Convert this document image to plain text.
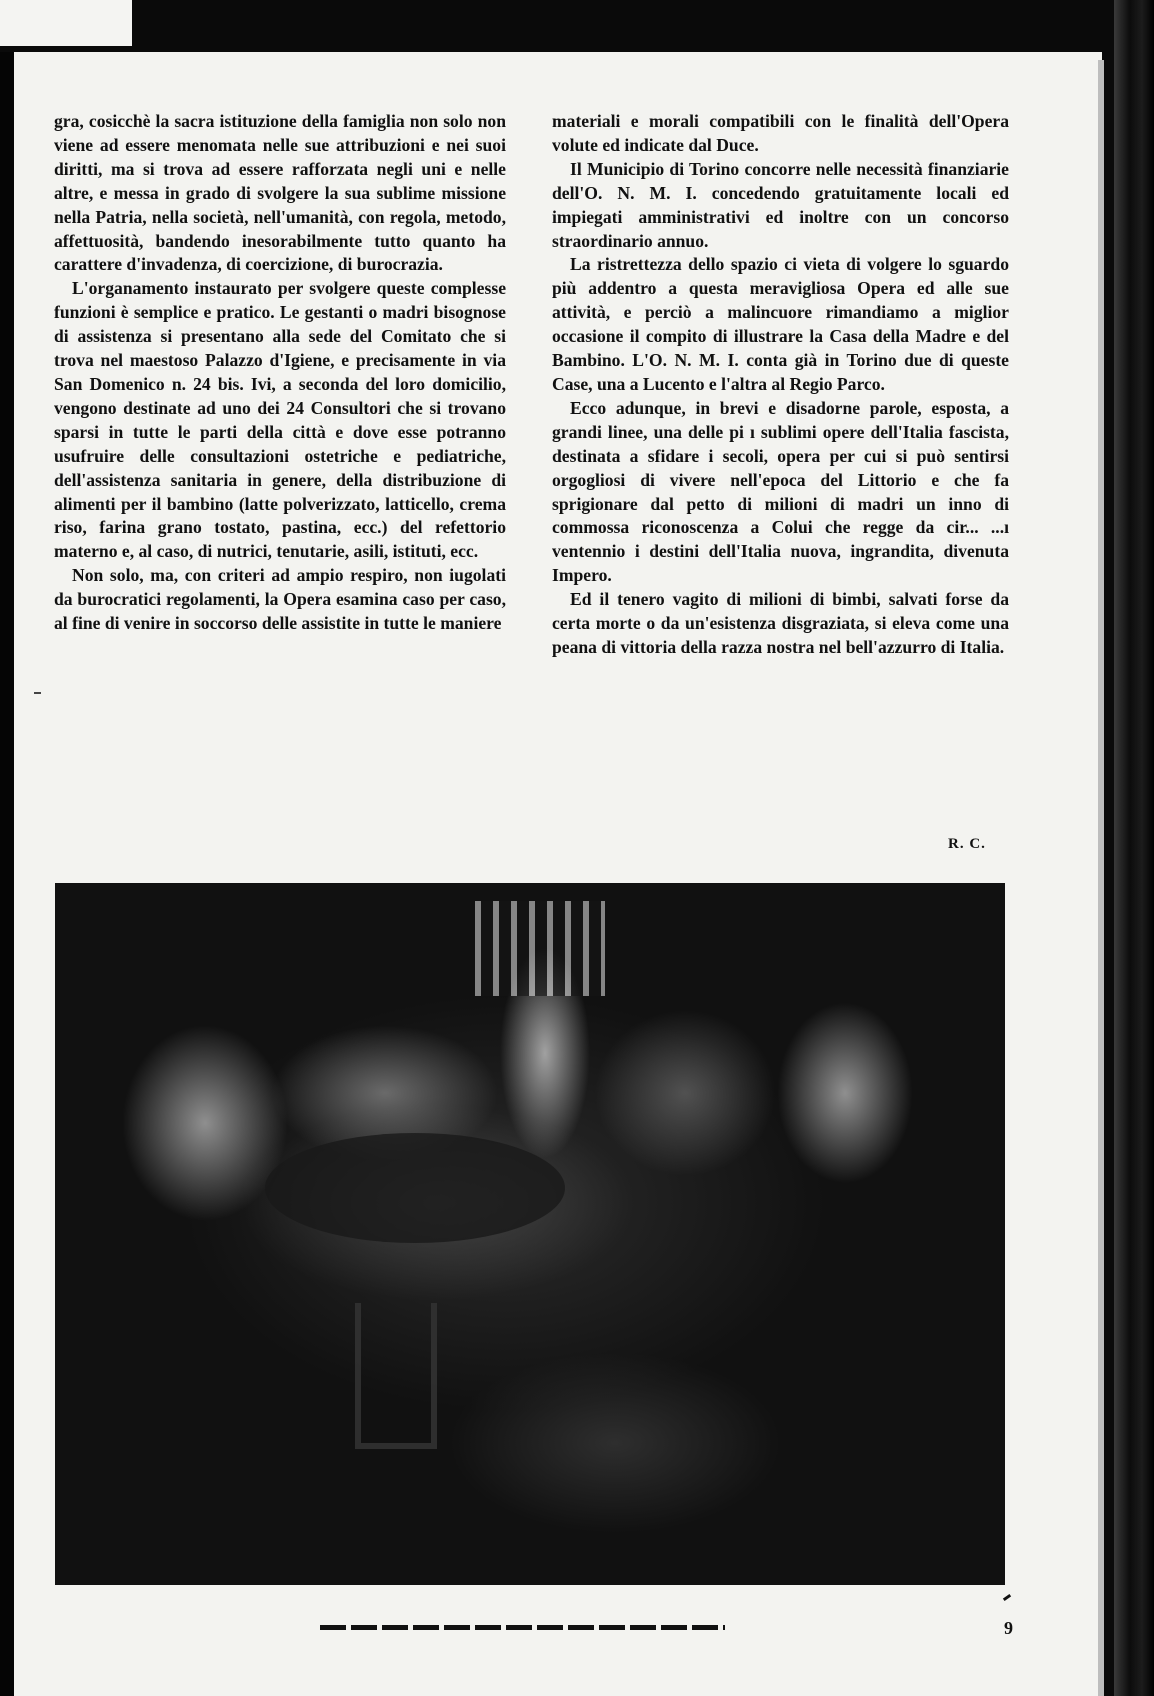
gra, cosicchè la sacra istituzione della famiglia non solo non viene ad essere menomata nelle sue attribuzioni e nei suoi diritti, ma si trova ad essere rafforzata negli uni e nelle altre, e messa in grado di svolgere la sua sublime missione nella Patria, nella società, nell'umanità, con regola, metodo, affettuosità, bandendo inesorabilmente tutto quanto ha carattere d'invadenza, di coercizione, di burocrazia.

L'organamento instaurato per svolgere queste complesse funzioni è semplice e pratico. Le gestanti o madri bisognose di assistenza si presentano alla sede del Comitato che si trova nel maestoso Palazzo d'Igiene, e precisamente in via San Domenico n. 24 bis. Ivi, a seconda del loro domicilio, vengono destinate ad uno dei 24 Consultori che si trovano sparsi in tutte le parti della città e dove esse potranno usufruire delle consultazioni ostetriche e pediatriche, dell'assistenza sanitaria in genere, della distribuzione di alimenti per il bambino (latte polverizzato, latticello, crema riso, farina grano tostato, pastina, ecc.) del refettorio materno e, al caso, di nutrici, tenutarie, asili, istituti, ecc.

Non solo, ma, con criteri ad ampio respiro, non iugolati da burocratici regolamenti, la Opera esamina caso per caso, al fine di venire in soccorso delle assistite in tutte le maniere

materiali e morali compatibili con le finalità dell'Opera volute ed indicate dal Duce.

Il Municipio di Torino concorre nelle necessità finanziarie dell'O. N. M. I. concedendo gratuitamente locali ed impiegati amministrativi ed inoltre con un concorso straordinario annuo.

La ristrettezza dello spazio ci vieta di volgere lo sguardo più addentro a questa meravigliosa Opera ed alle sue attività, e perciò a malincuore rimandiamo a miglior occasione il compito di illustrare la Casa della Madre e del Bambino. L'O. N. M. I. conta già in Torino due di queste Case, una a Lucento e l'altra al Regio Parco.

Ecco adunque, in brevi e disadorne parole, esposta, a grandi linee, una delle pi ı sublimi opere dell'Italia fascista, destinata a sfidare i secoli, opera per cui si può sentirsi orgogliosi di vivere nell'epoca del Littorio e che fa sprigionare dal petto di milioni di madri un inno di commossa riconoscenza a Colui che regge da cir... ...ı ventennio i destini dell'Italia nuova, ingrandita, divenuta Impero.

Ed il tenero vagito di milioni di bimbi, salvati forse da certa morte o da un'esistenza disgraziata, si eleva come una peana di vittoria della razza nostra nel bell'azzurro di Italia.

R. C.
9
